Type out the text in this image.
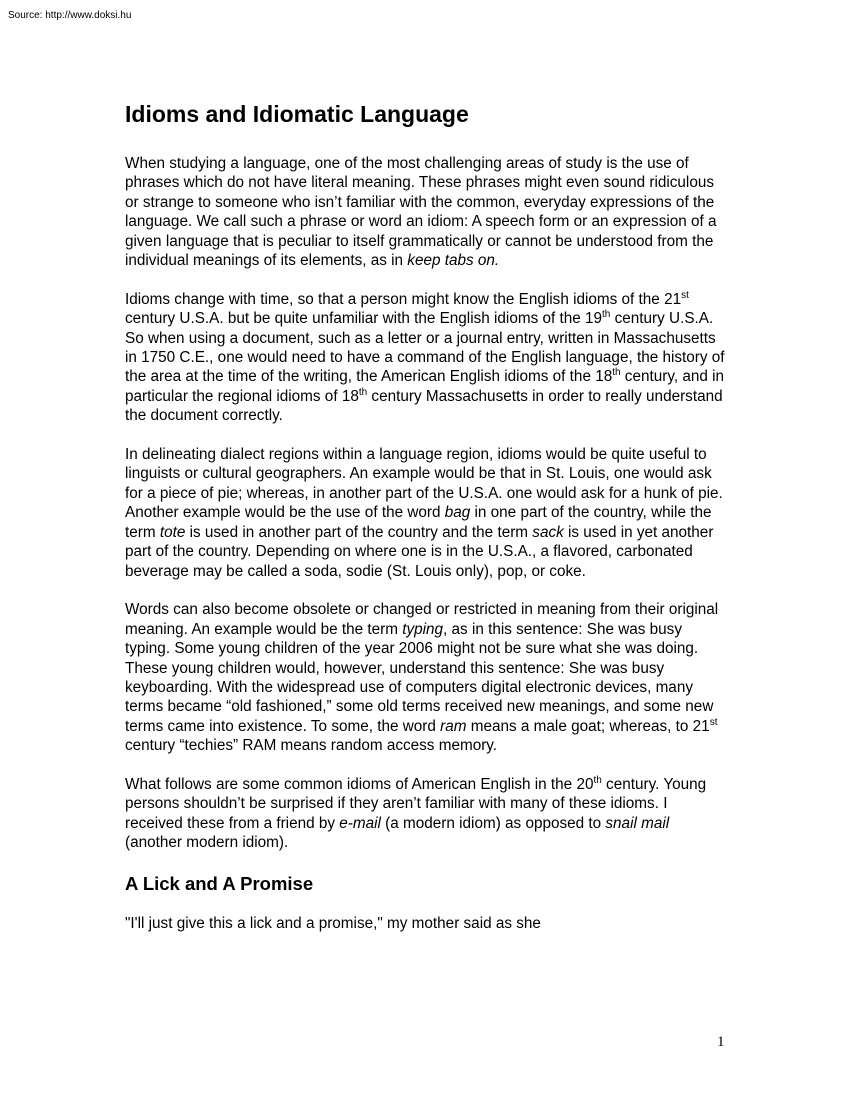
Source: http://www.doksi.hu
Idioms and Idiomatic Language

When studying a language, one of the most challenging areas of study is the use of phrases which do not have literal meaning. These phrases might even sound ridiculous or strange to someone who isn’t familiar with the common, everyday expressions of the language. We call such a phrase or word an idiom: A speech form or an expression of a given language that is peculiar to itself grammatically or cannot be understood from the individual meanings of its elements, as in keep tabs on.

Idioms change with time, so that a person might know the English idioms of the 21st century U.S.A. but be quite unfamiliar with the English idioms of the 19th century U.S.A. So when using a document, such as a letter or a journal entry, written in Massachusetts in 1750 C.E., one would need to have a command of the English language, the history of the area at the time of the writing, the American English idioms of the 18th century, and in particular the regional idioms of 18th century Massachusetts in order to really understand the document correctly.

In delineating dialect regions within a language region, idioms would be quite useful to linguists or cultural geographers. An example would be that in St. Louis, one would ask for a piece of pie; whereas, in another part of the U.S.A. one would ask for a hunk of pie. Another example would be the use of the word bag in one part of the country, while the term tote is used in another part of the country and the term sack is used in yet another part of the country. Depending on where one is in the U.S.A., a flavored, carbonated beverage may be called a soda, sodie (St. Louis only), pop, or coke.

Words can also become obsolete or changed or restricted in meaning from their original meaning. An example would be the term typing, as in this sentence: She was busy typing. Some young children of the year 2006 might not be sure what she was doing. These young children would, however, understand this sentence: She was busy keyboarding. With the widespread use of computers digital electronic devices, many terms became “old fashioned,” some old terms received new meanings, and some new terms came into existence. To some, the word ram means a male goat; whereas, to 21st century “techies” RAM means random access memory.

What follows are some common idioms of American English in the 20th century. Young persons shouldn’t be surprised if they aren’t familiar with many of these idioms. I received these from a friend by e-mail (a modern idiom) as opposed to snail mail (another modern idiom).

A Lick and A Promise

"I'll just give this a lick and a promise," my mother said as she

1
